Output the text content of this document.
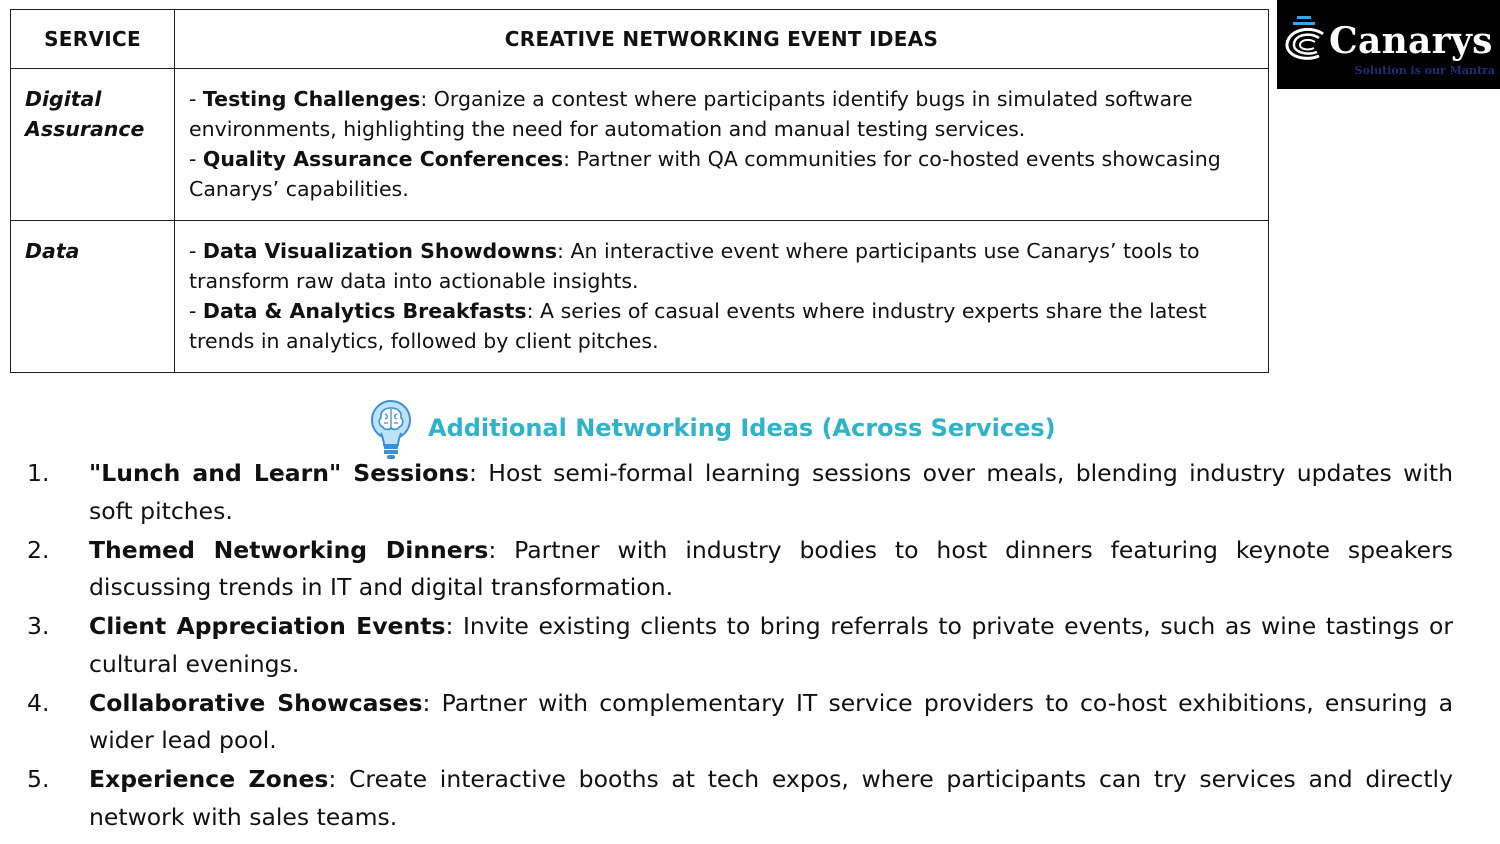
SERVICE	CREATIVE NETWORKING EVENT IDEAS
Digital Assurance	- Testing Challenges: Organize a contest where participants identify bugs in simulated software environments, highlighting the need for automation and manual testing services.
- Quality Assurance Conferences: Partner with QA communities for co-hosted events showcasing Canarys’ capabilities.

Data	- Data Visualization Showdowns: An interactive event where participants use Canarys’ tools to transform raw data into actionable insights.
- Data & Analytics Breakfasts: A series of casual events where industry experts share the latest trends in analytics, followed by client pitches.
Canarys
Solution is our Mantra
Additional Networking Ideas (Across Services)
1.	"Lunch and Learn" Sessions: Host semi-formal learning sessions over meals, blending industry updates with soft pitches.
2.	Themed Networking Dinners: Partner with industry bodies to host dinners featuring keynote speakers discussing trends in IT and digital transformation.
3.	Client Appreciation Events: Invite existing clients to bring referrals to private events, such as wine tastings or cultural evenings.
4.	Collaborative Showcases: Partner with complementary IT service providers to co-host exhibitions, ensuring a wider lead pool.
5.	Experience Zones: Create interactive booths at tech expos, where participants can try services and directly network with sales teams.
